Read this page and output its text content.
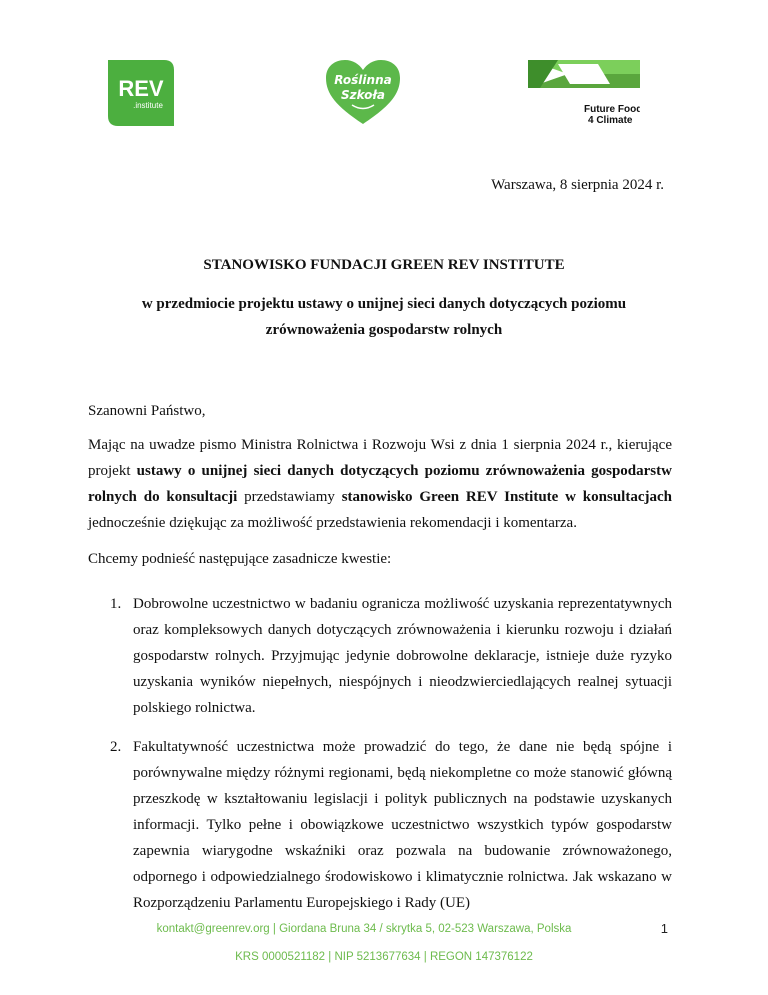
REV
.institute
Roślinna
Szkoła
Future Food
4 Climate
Warszawa, 8 sierpnia 2024 r.
STANOWISKO FUNDACJI GREEN REV INSTITUTE
w przedmiocie projektu ustawy o unijnej sieci danych dotyczących poziomu
zrównoważenia gospodarstw rolnych
Szanowni Państwo,
Mając na uwadze pismo Ministra Rolnictwa i Rozwoju Wsi z dnia 1 sierpnia 2024 r., kierujące projekt ustawy o unijnej sieci danych dotyczących poziomu zrównoważenia gospodarstw rolnych do konsultacji przedstawiamy stanowisko Green REV Institute w konsultacjach jednocześnie dziękując za możliwość przedstawienia rekomendacji i komentarza.
Chcemy podnieść następujące zasadnicze kwestie:
1. Dobrowolne uczestnictwo w badaniu ogranicza możliwość uzyskania reprezentatywnych oraz kompleksowych danych dotyczących zrównoważenia i kierunku rozwoju i działań gospodarstw rolnych. Przyjmując jedynie dobrowolne deklaracje, istnieje duże ryzyko uzyskania wyników niepełnych, niespójnych i nieodzwierciedlających realnej sytuacji polskiego rolnictwa.
2. Fakultatywność uczestnictwa może prowadzić do tego, że dane nie będą spójne i porównywalne między różnymi regionami, będą niekompletne co może stanowić główną przeszkodę w kształtowaniu legislacji i polityk publicznych na podstawie uzyskanych informacji. Tylko pełne i obowiązkowe uczestnictwo wszystkich typów gospodarstw zapewnia wiarygodne wskaźniki oraz pozwala na budowanie zrównoważonego, odpornego i odpowiedzialnego środowiskowo i klimatycznie rolnictwa. Jak wskazano w Rozporządzeniu Parlamentu Europejskiego i Rady (UE)
kontakt@greenrev.org | Giordana Bruna 34 / skrytka 5, 02-523 Warszawa, Polska
KRS 0000521182 | NIP 5213677634 | REGON 147376122
1
